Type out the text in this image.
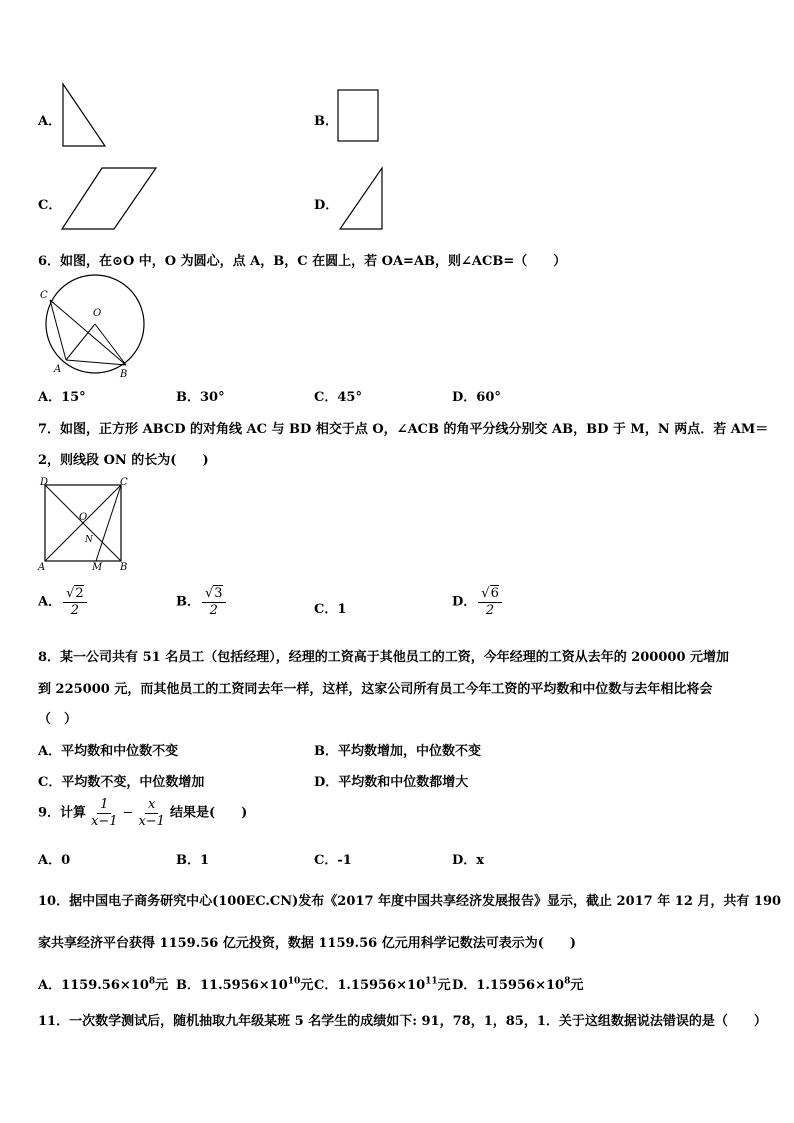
A．	B．
C．	D．
6．如图，在⊙O 中，O 为圆心，点 A，B，C 在圆上，若 OA=AB，则∠ACB=（　　）
C
O
A	B
A．15°	B．30°	C．45°	D．60°
7．如图，正方形 ABCD 的对角线 AC 与 BD 相交于点 O，∠ACB 的角平分线分别交 AB，BD 于 M，N 两点．若 AM＝
2，则线段 ON 的长为(　　)
D	C
O
N
A	M B
A． $\frac{√2}{2}$	B． $\frac{√3}{2}$	C．1	D． $\frac{√6}{2}$
8．某一公司共有 51 名员工（包括经理），经理的工资高于其他员工的工资，今年经理的工资从去年的 200000 元增加
到 225000 元，而其他员工的工资同去年一样，这样，这家公司所有员工今年工资的平均数和中位数与去年相比将会
（　）
A．平均数和中位数不变	B．平均数增加，中位数不变
C．平均数不变，中位数增加	D．平均数和中位数都增大
9．计算 $\frac{1}{x-1} - \frac{x}{x-1}$ 结果是(　　)
A．0	B．1	C．-1	D．x
10．据中国电子商务研究中心(100EC.CN)发布《2017 年度中国共享经济发展报告》显示，截止 2017 年 12 月，共有 190
家共享经济平台获得 1159.56 亿元投资，数据 1159.56 亿元用科学记数法可表示为(　　)
A．$1159.56\times 10^8$元 B．$11.5956\times 10^{10}$元 C．$1.15956\times 10^{11}$元 D．$1.15956\times 10^8$元
11．一次数学测试后，随机抽取九年级某班 5 名学生的成绩如下: 91，78，1，85，1．关于这组数据说法错误的是（　　）
